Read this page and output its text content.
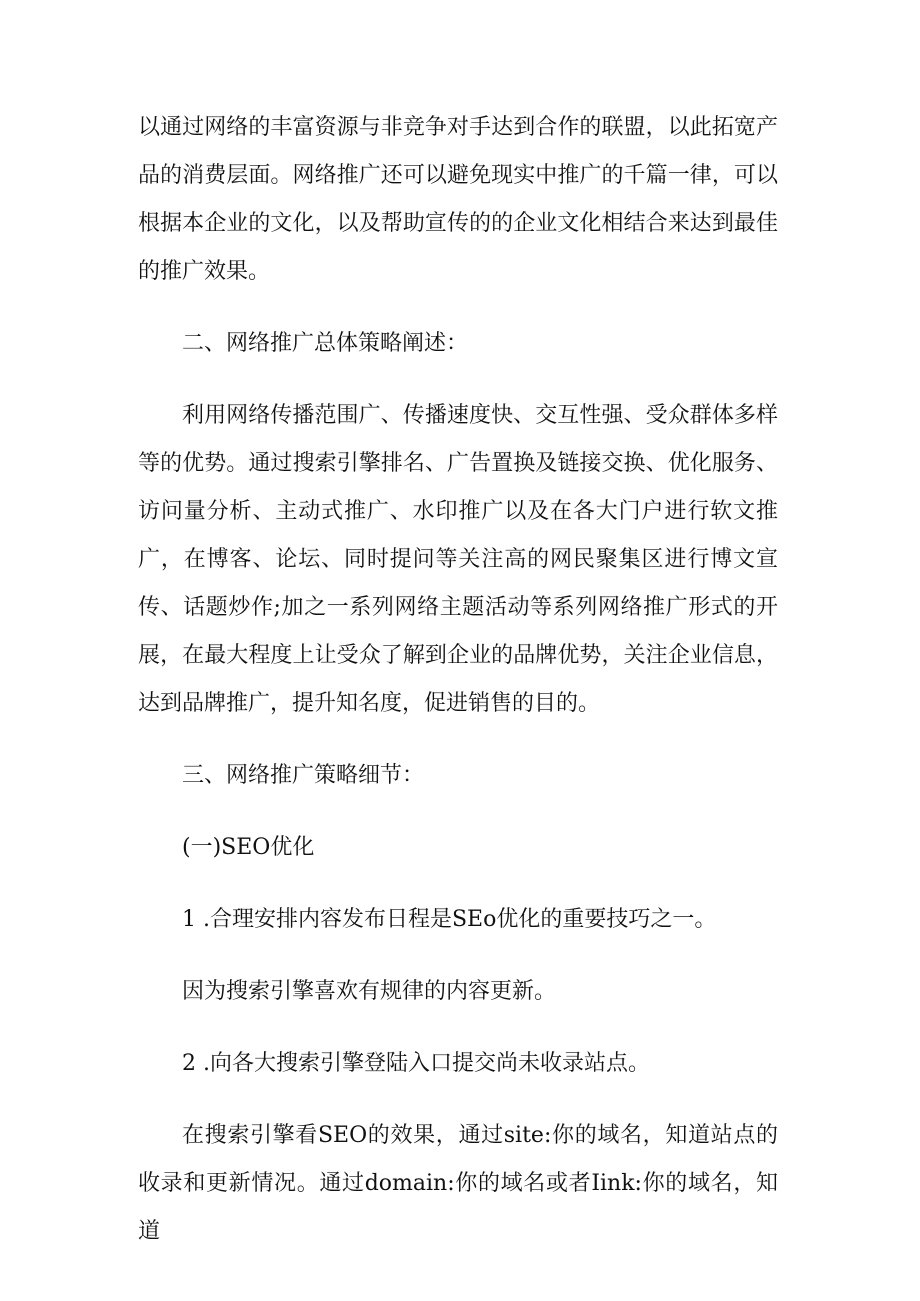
以通过网络的丰富资源与非竞争对手达到合作的联盟，以此拓宽产品的消费层面。网络推广还可以避免现实中推广的千篇一律，可以根据本企业的文化，以及帮助宣传的的企业文化相结合来达到最佳的推广效果。

二、网络推广总体策略阐述：

利用网络传播范围广、传播速度快、交互性强、受众群体多样等的优势。通过搜索引擎排名、广告置换及链接交换、优化服务、访问量分析、主动式推广、水印推广以及在各大门户进行软文推广，在博客、论坛、同时提问等关注高的网民聚集区进行博文宣传、话题炒作;加之一系列网络主题活动等系列网络推广形式的开展，在最大程度上让受众了解到企业的品牌优势，关注企业信息，达到品牌推广，提升知名度，促进销售的目的。

三、网络推广策略细节：

(一)SEO优化

1 .合理安排内容发布日程是SEo优化的重要技巧之一。

因为搜索引擎喜欢有规律的内容更新。

2 .向各大搜索引擎登陆入口提交尚未收录站点。

在搜索引擎看SEO的效果，通过site:你的域名，知道站点的收录和更新情况。通过domain:你的域名或者Iink:你的域名，知道
